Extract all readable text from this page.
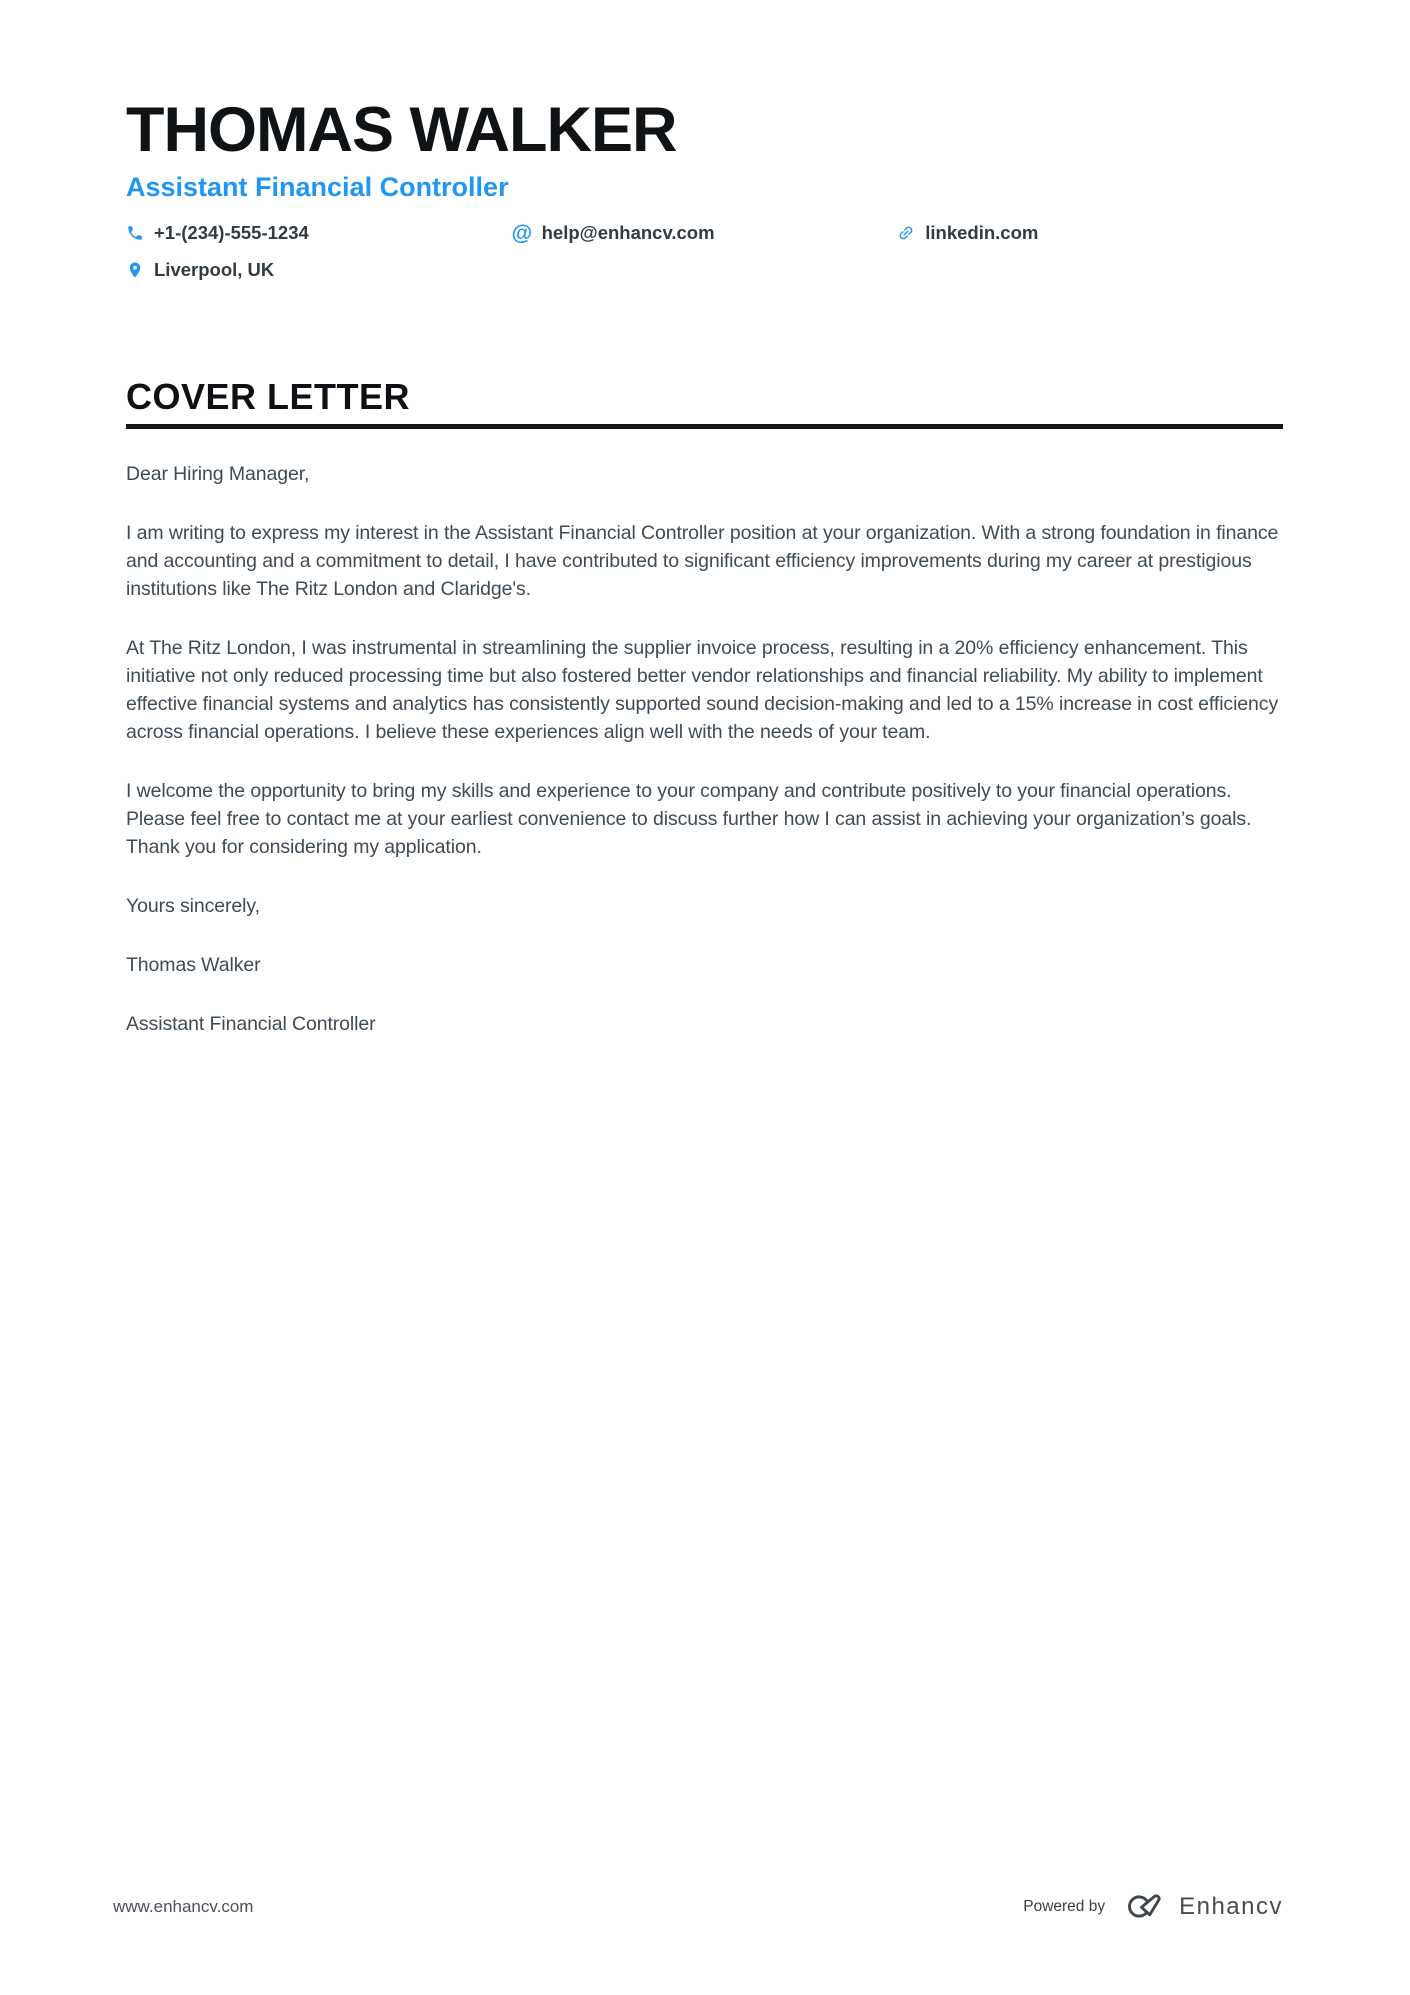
THOMAS WALKER
Assistant Financial Controller
+1-(234)-555-1234	@ help@enhancv.com	linkedin.com
Liverpool, UK
COVER LETTER

Dear Hiring Manager,

I am writing to express my interest in the Assistant Financial Controller position at your organization. With a strong foundation in finance and accounting and a commitment to detail, I have contributed to significant efficiency improvements during my career at prestigious institutions like The Ritz London and Claridge's.

At The Ritz London, I was instrumental in streamlining the supplier invoice process, resulting in a 20% efficiency enhancement. This initiative not only reduced processing time but also fostered better vendor relationships and financial reliability. My ability to implement effective financial systems and analytics has consistently supported sound decision-making and led to a 15% increase in cost efficiency across financial operations. I believe these experiences align well with the needs of your team.

I welcome the opportunity to bring my skills and experience to your company and contribute positively to your financial operations. Please feel free to contact me at your earliest convenience to discuss further how I can assist in achieving your organization’s goals. Thank you for considering my application.

Yours sincerely,

Thomas Walker

Assistant Financial Controller

www.enhancv.com	Powered by	Enhancv
